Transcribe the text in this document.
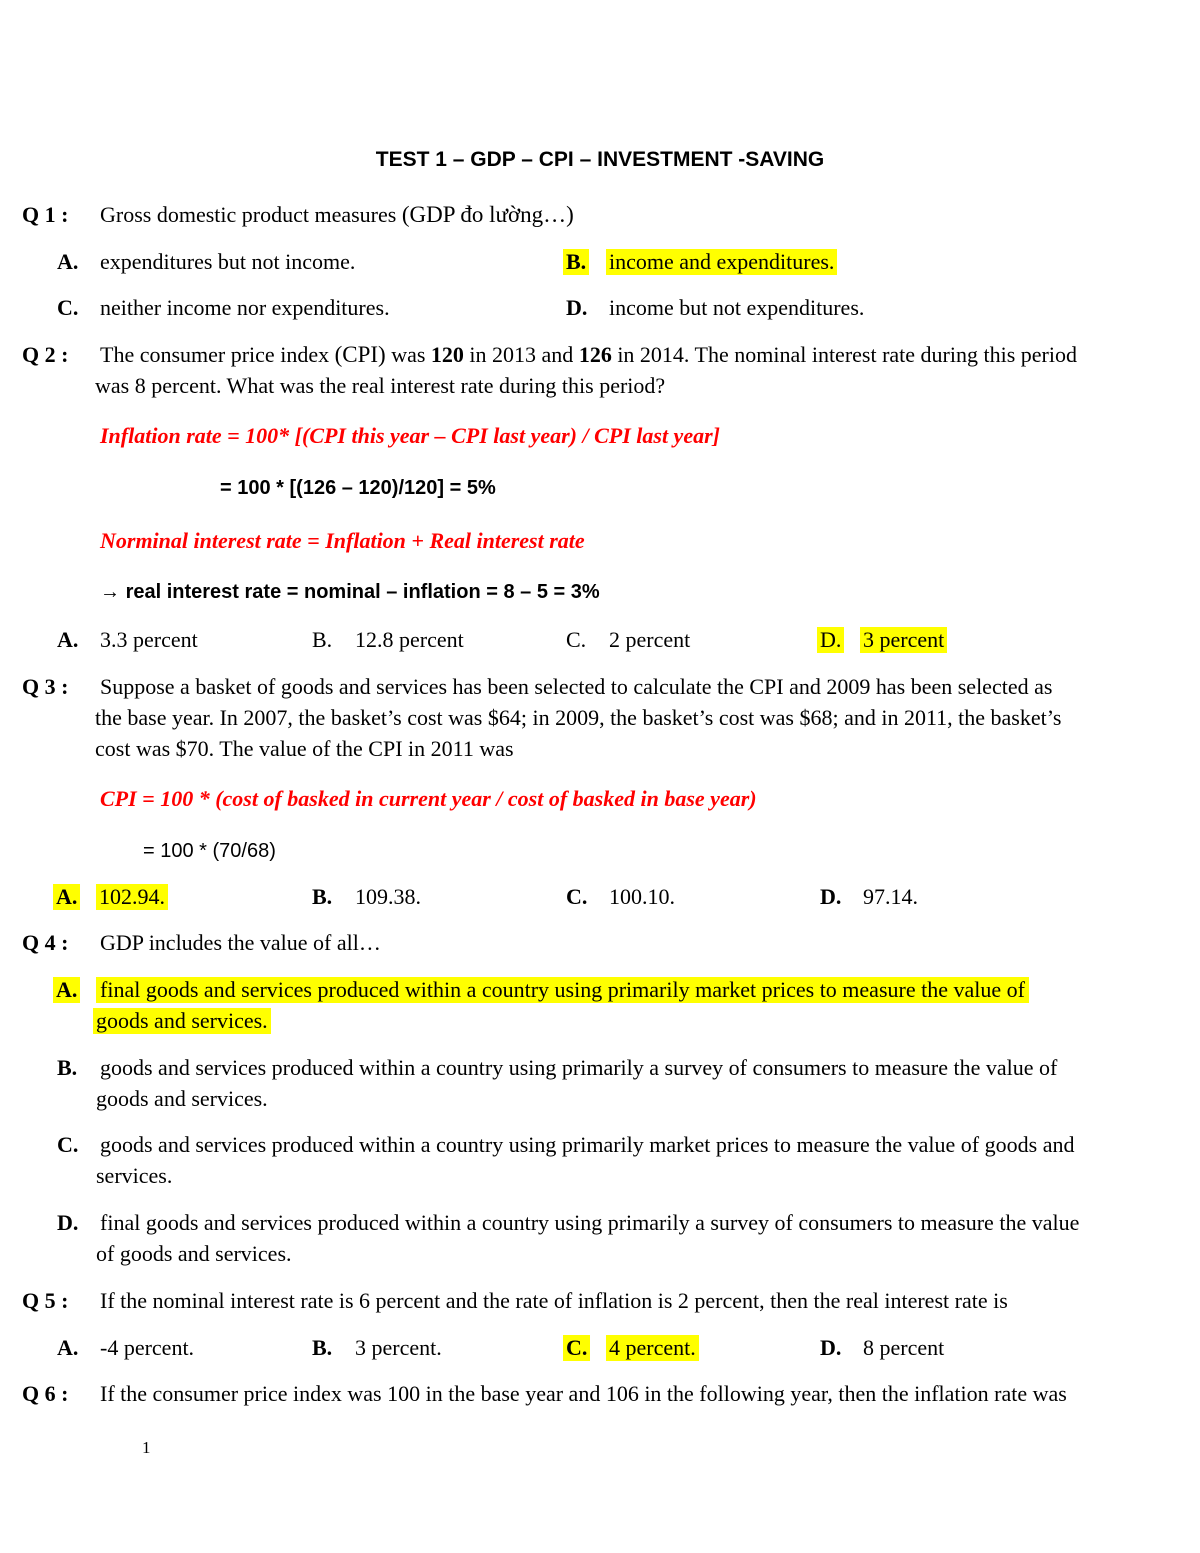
TEST 1 – GDP – CPI – INVESTMENT -SAVING
Q 1 : Gross domestic product measures (GDP đo lường…)
A. expenditures but not income.	B. income and expenditures.
C. neither income nor expenditures.	D. income but not expenditures.
Q 2 : The consumer price index (CPI) was 120 in 2013 and 126 in 2014. The nominal interest rate during this period
was 8 percent. What was the real interest rate during this period?
Inflation rate = 100* [(CPI this year – CPI last year) / CPI last year]
= 100 * [(126 – 120)/120] = 5%
Norminal interest rate = Inflation + Real interest rate
→ real interest rate = nominal – inflation = 8 – 5 = 3%
A. 3.3 percent	B. 12.8 percent	C. 2 percent	D. 3 percent
Q 3 : Suppose a basket of goods and services has been selected to calculate the CPI and 2009 has been selected as
the base year. In 2007, the basket’s cost was $64; in 2009, the basket’s cost was $68; and in 2011, the basket’s
cost was $70. The value of the CPI in 2011 was
CPI = 100 * (cost of basked in current year / cost of basked in base year)
= 100 * (70/68)
A. 102.94.	B. 109.38.	C. 100.10.	D. 97.14.
Q 4 : GDP includes the value of all…
A. final goods and services produced within a country using primarily market prices to measure the value of
goods and services.
B. goods and services produced within a country using primarily a survey of consumers to measure the value of
goods and services.
C. goods and services produced within a country using primarily market prices to measure the value of goods and
services.
D. final goods and services produced within a country using primarily a survey of consumers to measure the value
of goods and services.
Q 5 : If the nominal interest rate is 6 percent and the rate of inflation is 2 percent, then the real interest rate is
A. -4 percent.	B. 3 percent.	C. 4 percent.	D. 8 percent
Q 6 : If the consumer price index was 100 in the base year and 106 in the following year, then the inflation rate was
1
